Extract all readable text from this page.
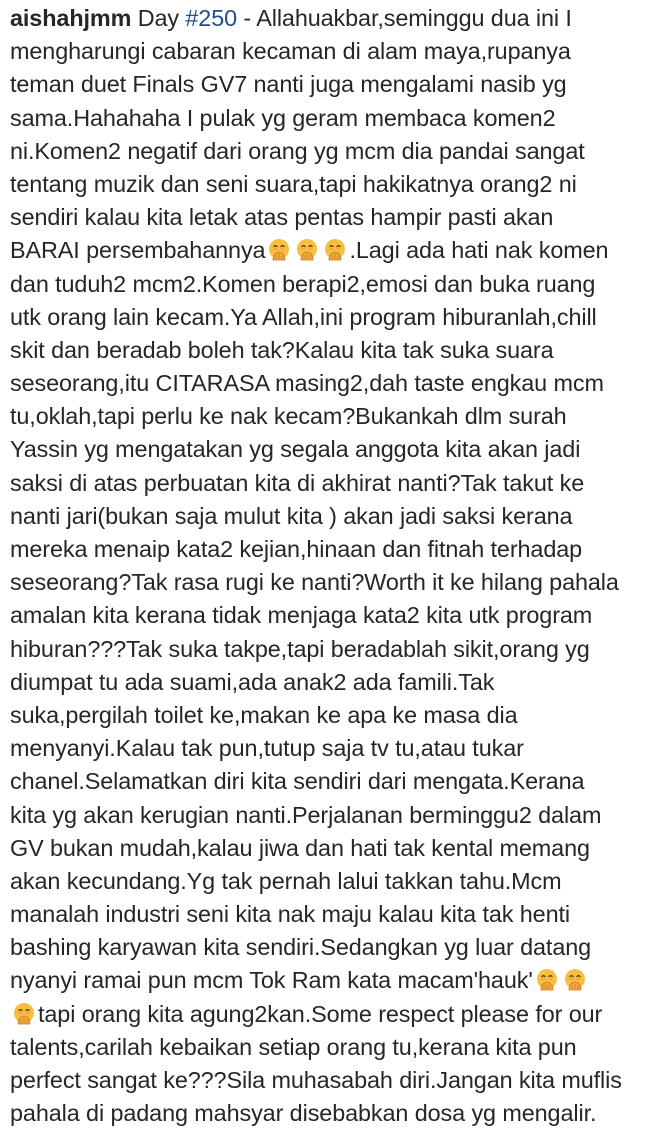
aishahjmm Day #250 - Allahuakbar,seminggu dua ini I
mengharungi cabaran kecaman di alam maya,rupanya
teman duet Finals GV7 nanti juga mengalami nasib yg
sama.Hahahaha I pulak yg geram membaca komen2
ni.Komen2 negatif dari orang yg mcm dia pandai sangat
tentang muzik dan seni suara,tapi hakikatnya orang2 ni
sendiri kalau kita letak atas pentas hampir pasti akan
BARAI persembahannya	.Lagi ada hati nak komen
dan tuduh2 mcm2.Komen berapi2,emosi dan buka ruang
utk orang lain kecam.Ya Allah,ini program hiburanlah,chill
skit dan beradab boleh tak?Kalau kita tak suka suara
seseorang,itu CITARASA masing2,dah taste engkau mcm
tu,oklah,tapi perlu ke nak kecam?Bukankah dlm surah
Yassin yg mengatakan yg segala anggota kita akan jadi
saksi di atas perbuatan kita di akhirat nanti?Tak takut ke
nanti jari(bukan saja mulut kita ) akan jadi saksi kerana
mereka menaip kata2 kejian,hinaan dan fitnah terhadap
seseorang?Tak rasa rugi ke nanti?Worth it ke hilang pahala
amalan kita kerana tidak menjaga kata2 kita utk program
hiburan???Tak suka takpe,tapi beradablah sikit,orang yg
diumpat tu ada suami,ada anak2 ada famili.Tak
suka,pergilah toilet ke,makan ke apa ke masa dia
menyanyi.Kalau tak pun,tutup saja tv tu,atau tukar
chanel.Selamatkan diri kita sendiri dari mengata.Kerana
kita yg akan kerugian nanti.Perjalanan berminggu2 dalam
GV bukan mudah,kalau jiwa dan hati tak kental memang
akan kecundang.Yg tak pernah lalui takkan tahu.Mcm
manalah industri seni kita nak maju kalau kita tak henti
bashing karyawan kita sendiri.Sedangkan yg luar datang
nyanyi ramai pun mcm Tok Ram kata macam'hauk'
tapi orang kita agung2kan.Some respect please for our
talents,carilah kebaikan setiap orang tu,kerana kita pun
perfect sangat ke???Sila muhasabah diri.Jangan kita muflis
pahala di padang mahsyar disebabkan dosa yg mengalir.
